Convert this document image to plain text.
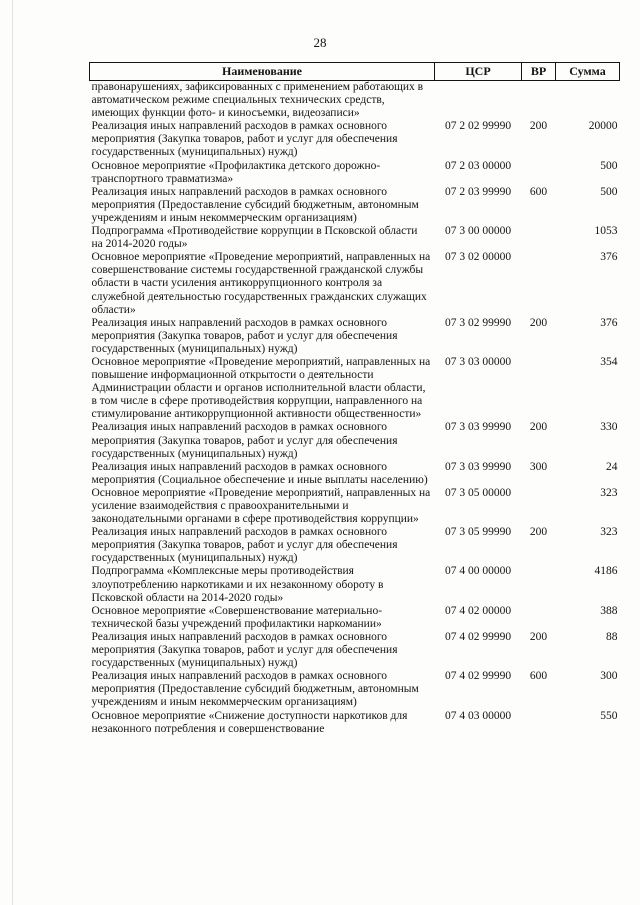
28
Наименование	ЦСР	ВР	Сумма
правонарушениях, зафиксированных с применением работающих в автоматическом режиме специальных технических средств, имеющих функции фото- и киносъемки, видеозаписи»			
Реализация иных направлений расходов в рамках основного мероприятия (Закупка товаров, работ и услуг для обеспечения государственных (муниципальных) нужд)	07 2 02 99990	200	20000
Основное мероприятие «Профилактика детского дорожно-транспортного травматизма»	07 2 03 00000		500
Реализация иных направлений расходов в рамках основного мероприятия (Предоставление субсидий бюджетным, автономным учреждениям и иным некоммерческим организациям)	07 2 03 99990	600	500
Подпрограмма «Противодействие коррупции в Псковской области на 2014-2020 годы»	07 3 00 00000		1053
Основное мероприятие «Проведение мероприятий, направленных на совершенствование системы государственной гражданской службы области в части усиления антикоррупционного контроля за служебной деятельностью государственных гражданских служащих области»	07 3 02 00000		376
Реализация иных направлений расходов в рамках основного мероприятия (Закупка товаров, работ и услуг для обеспечения государственных (муниципальных) нужд)	07 3 02 99990	200	376
Основное мероприятие «Проведение мероприятий, направленных на повышение информационной открытости о деятельности Администрации области и органов исполнительной власти области, в том числе в сфере противодействия коррупции, направленного на стимулирование антикоррупционной активности общественности»	07 3 03 00000		354
Реализация иных направлений расходов в рамках основного мероприятия (Закупка товаров, работ и услуг для обеспечения государственных (муниципальных) нужд)	07 3 03 99990	200	330
Реализация иных направлений расходов в рамках основного мероприятия (Социальное обеспечение и иные выплаты населению)	07 3 03 99990	300	24
Основное мероприятие «Проведение мероприятий, направленных на усиление взаимодействия с правоохранительными и законодательными органами в сфере противодействия коррупции»	07 3 05 00000		323
Реализация иных направлений расходов в рамках основного мероприятия (Закупка товаров, работ и услуг для обеспечения государственных (муниципальных) нужд)	07 3 05 99990	200	323
Подпрограмма «Комплексные меры противодействия злоупотреблению наркотиками и их незаконному обороту в Псковской области на 2014-2020 годы»	07 4 00 00000		4186
Основное мероприятие «Совершенствование материально-технической базы учреждений профилактики наркомании»	07 4 02 00000		388
Реализация иных направлений расходов в рамках основного мероприятия (Закупка товаров, работ и услуг для обеспечения государственных (муниципальных) нужд)	07 4 02 99990	200	88
Реализация иных направлений расходов в рамках основного мероприятия (Предоставление субсидий бюджетным, автономным учреждениям и иным некоммерческим организациям)	07 4 02 99990	600	300
Основное мероприятие «Снижение доступности наркотиков для незаконного потребления и совершенствование	07 4 03 00000		550
